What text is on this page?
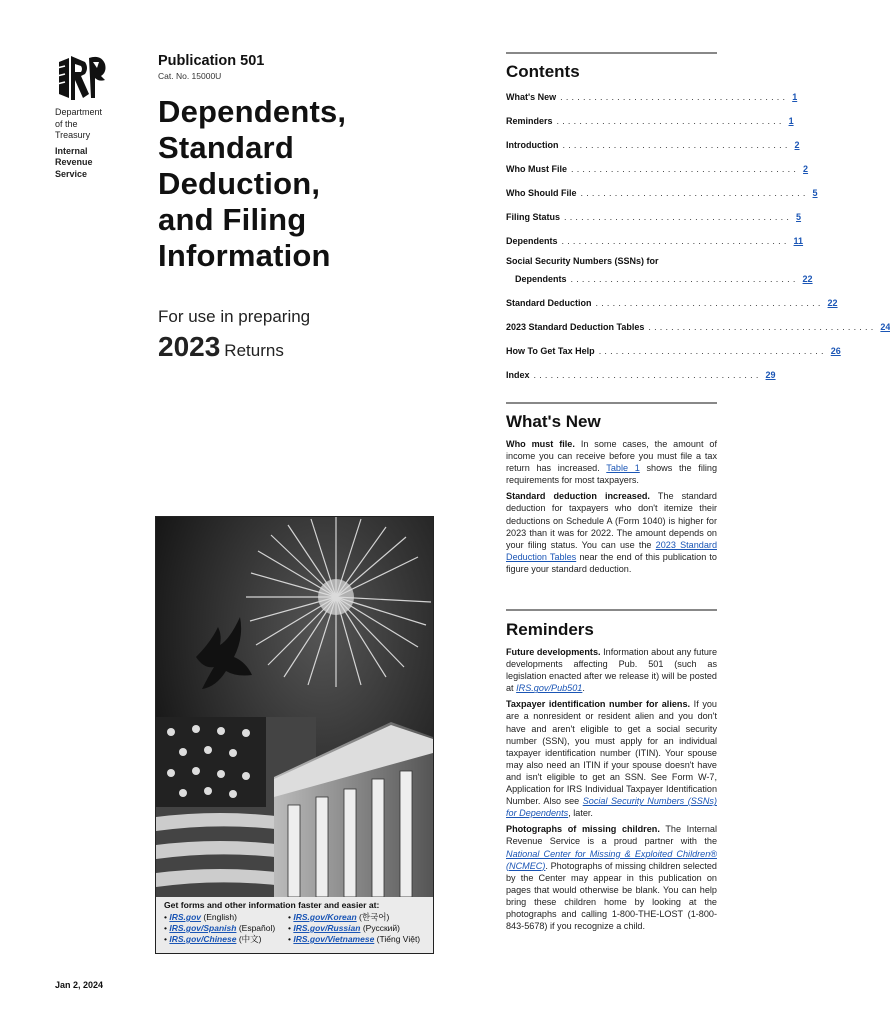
Department
of the
Treasury
Internal
Revenue
Service
Publication 501
Cat. No. 15000U
Dependents,
Standard
Deduction,
and Filing
Information
For use in preparing
2023 Returns
Get forms and other information faster and easier at:
• IRS.gov (English)
• IRS.gov/Spanish (Español)
• IRS.gov/Chinese (中文)
• IRS.gov/Korean (한국어)
• IRS.gov/Russian (Pусский)
• IRS.gov/Vietnamese (Tiếng Việt)
Jan 2, 2024
Contents
What's New ........................................ 1
Reminders ........................................ 1
Introduction ........................................ 2
Who Must File ........................................ 2
Who Should File ........................................ 5
Filing Status ........................................ 5
Dependents ........................................ 11
Social Security Numbers (SSNs) for
Dependents ........................................ 22
Standard Deduction ........................................ 22
2023 Standard Deduction Tables ........................................ 24
How To Get Tax Help ........................................ 26
Index ........................................ 29
What's New

Who must file. In some cases, the amount of income you can receive before you must file a tax return has increased. Table 1 shows the filing requirements for most taxpayers.

Standard deduction increased. The standard deduction for taxpayers who don't itemize their deductions on Schedule A (Form 1040) is higher for 2023 than it was for 2022. The amount depends on your filing status. You can use the 2023 Standard Deduction Tables near the end of this publication to figure your standard deduction.

Reminders

Future developments. Information about any future developments affecting Pub. 501 (such as legislation enacted after we release it) will be posted at IRS.gov/Pub501.

Taxpayer identification number for aliens. If you are a nonresident or resident alien and you don't have and aren't eligible to get a social security number (SSN), you must apply for an individual taxpayer identification number (ITIN). Your spouse may also need an ITIN if your spouse doesn't have and isn't eligible to get an SSN. See Form W-7, Application for IRS Individual Taxpayer Identification Number. Also see Social Security Numbers (SSNs) for Dependents, later.

Photographs of missing children. The Internal Revenue Service is a proud partner with the National Center for Missing & Exploited Children® (NCMEC). Photographs of missing children selected by the Center may appear in this publication on pages that would otherwise be blank. You can help bring these children home by looking at the photographs and calling 1-800-THE-LOST (1-800-843-5678) if you recognize a child.
